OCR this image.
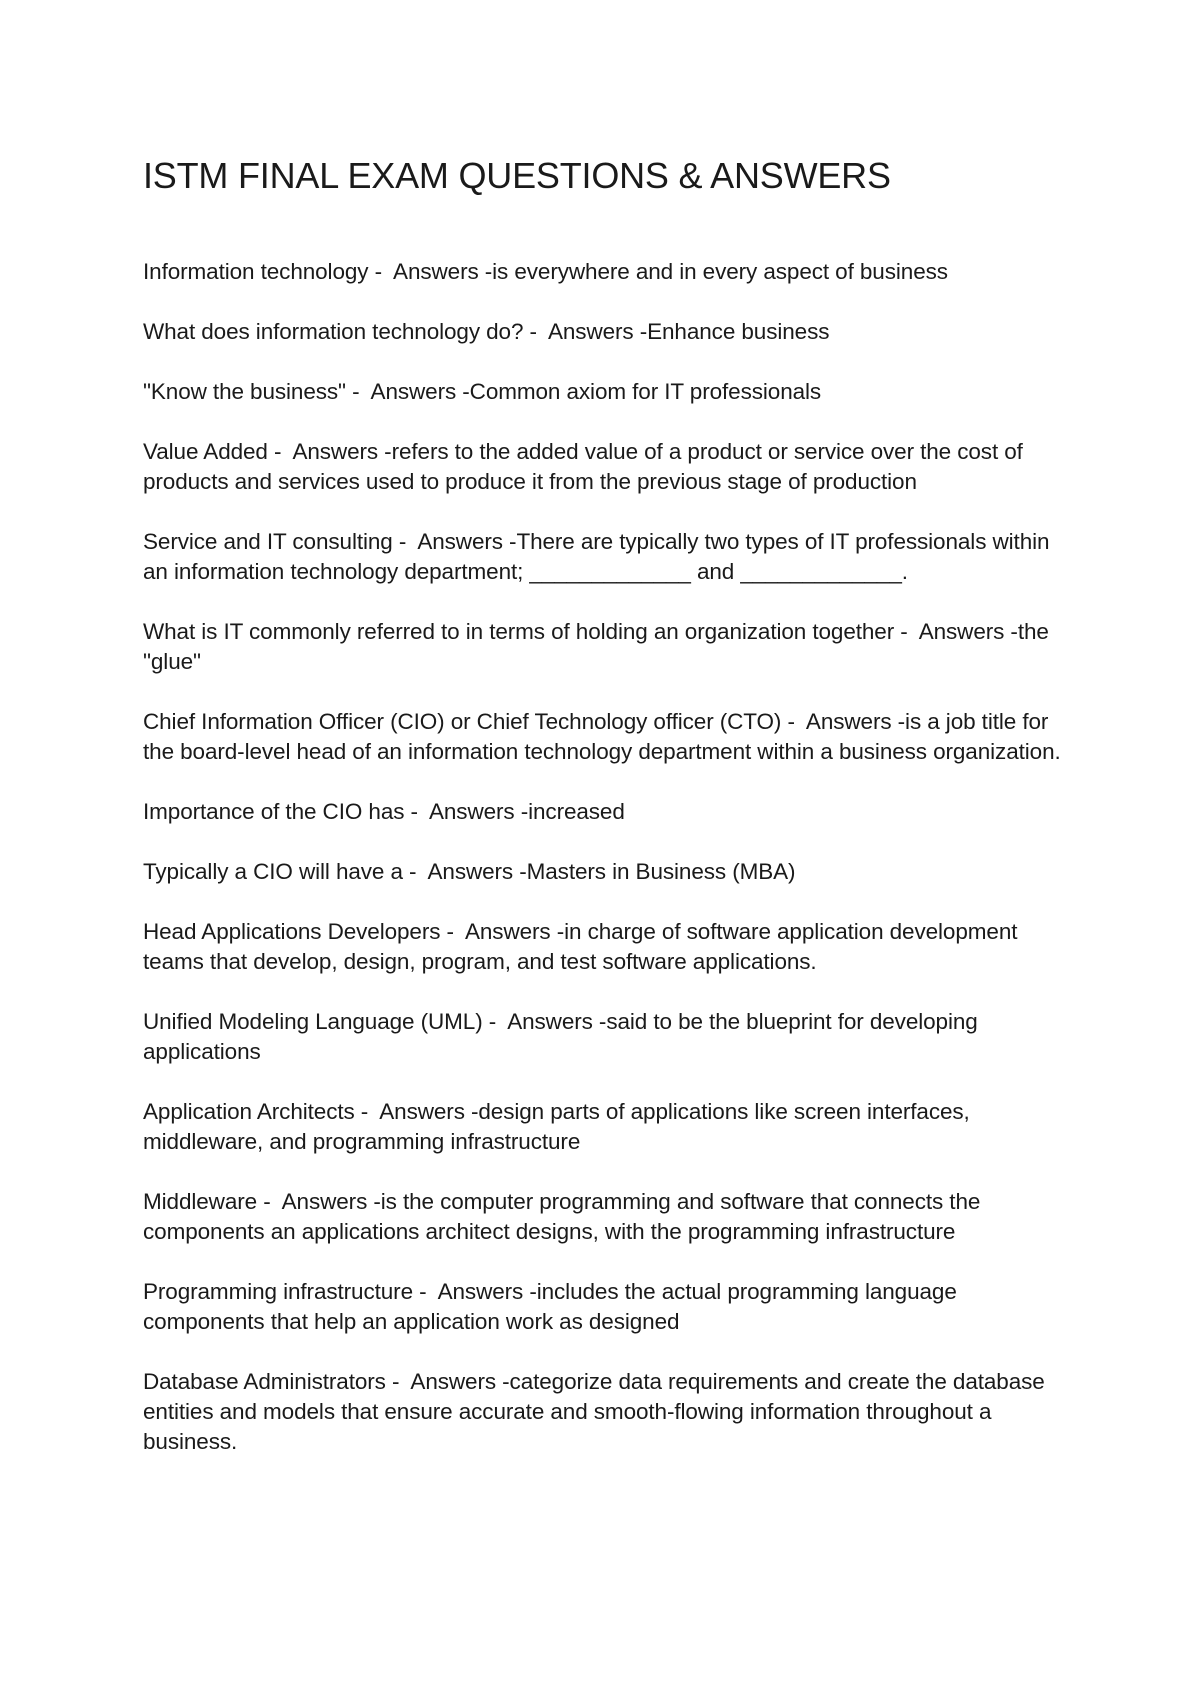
ISTM FINAL EXAM QUESTIONS & ANSWERS
Information technology -  Answers -is everywhere and in every aspect of business
What does information technology do? -  Answers -Enhance business
"Know the business" -  Answers -Common axiom for IT professionals
Value Added -  Answers -refers to the added value of a product or service over the cost of products and services used to produce it from the previous stage of production
Service and IT consulting -  Answers -There are typically two types of IT professionals within an information technology department; _____________ and _____________.
What is IT commonly referred to in terms of holding an organization together -  Answers -the "glue"
Chief Information Officer (CIO) or Chief Technology officer (CTO) -  Answers -is a job title for the board-level head of an information technology department within a business organization.
Importance of the CIO has -  Answers -increased
Typically a CIO will have a -  Answers -Masters in Business (MBA)
Head Applications Developers -  Answers -in charge of software application development teams that develop, design, program, and test software applications.
Unified Modeling Language (UML) -  Answers -said to be the blueprint for developing applications
Application Architects -  Answers -design parts of applications like screen interfaces, middleware, and programming infrastructure
Middleware -  Answers -is the computer programming and software that connects the components an applications architect designs, with the programming infrastructure
Programming infrastructure -  Answers -includes the actual programming language components that help an application work as designed
Database Administrators -  Answers -categorize data requirements and create the database entities and models that ensure accurate and smooth-flowing information throughout a business.
